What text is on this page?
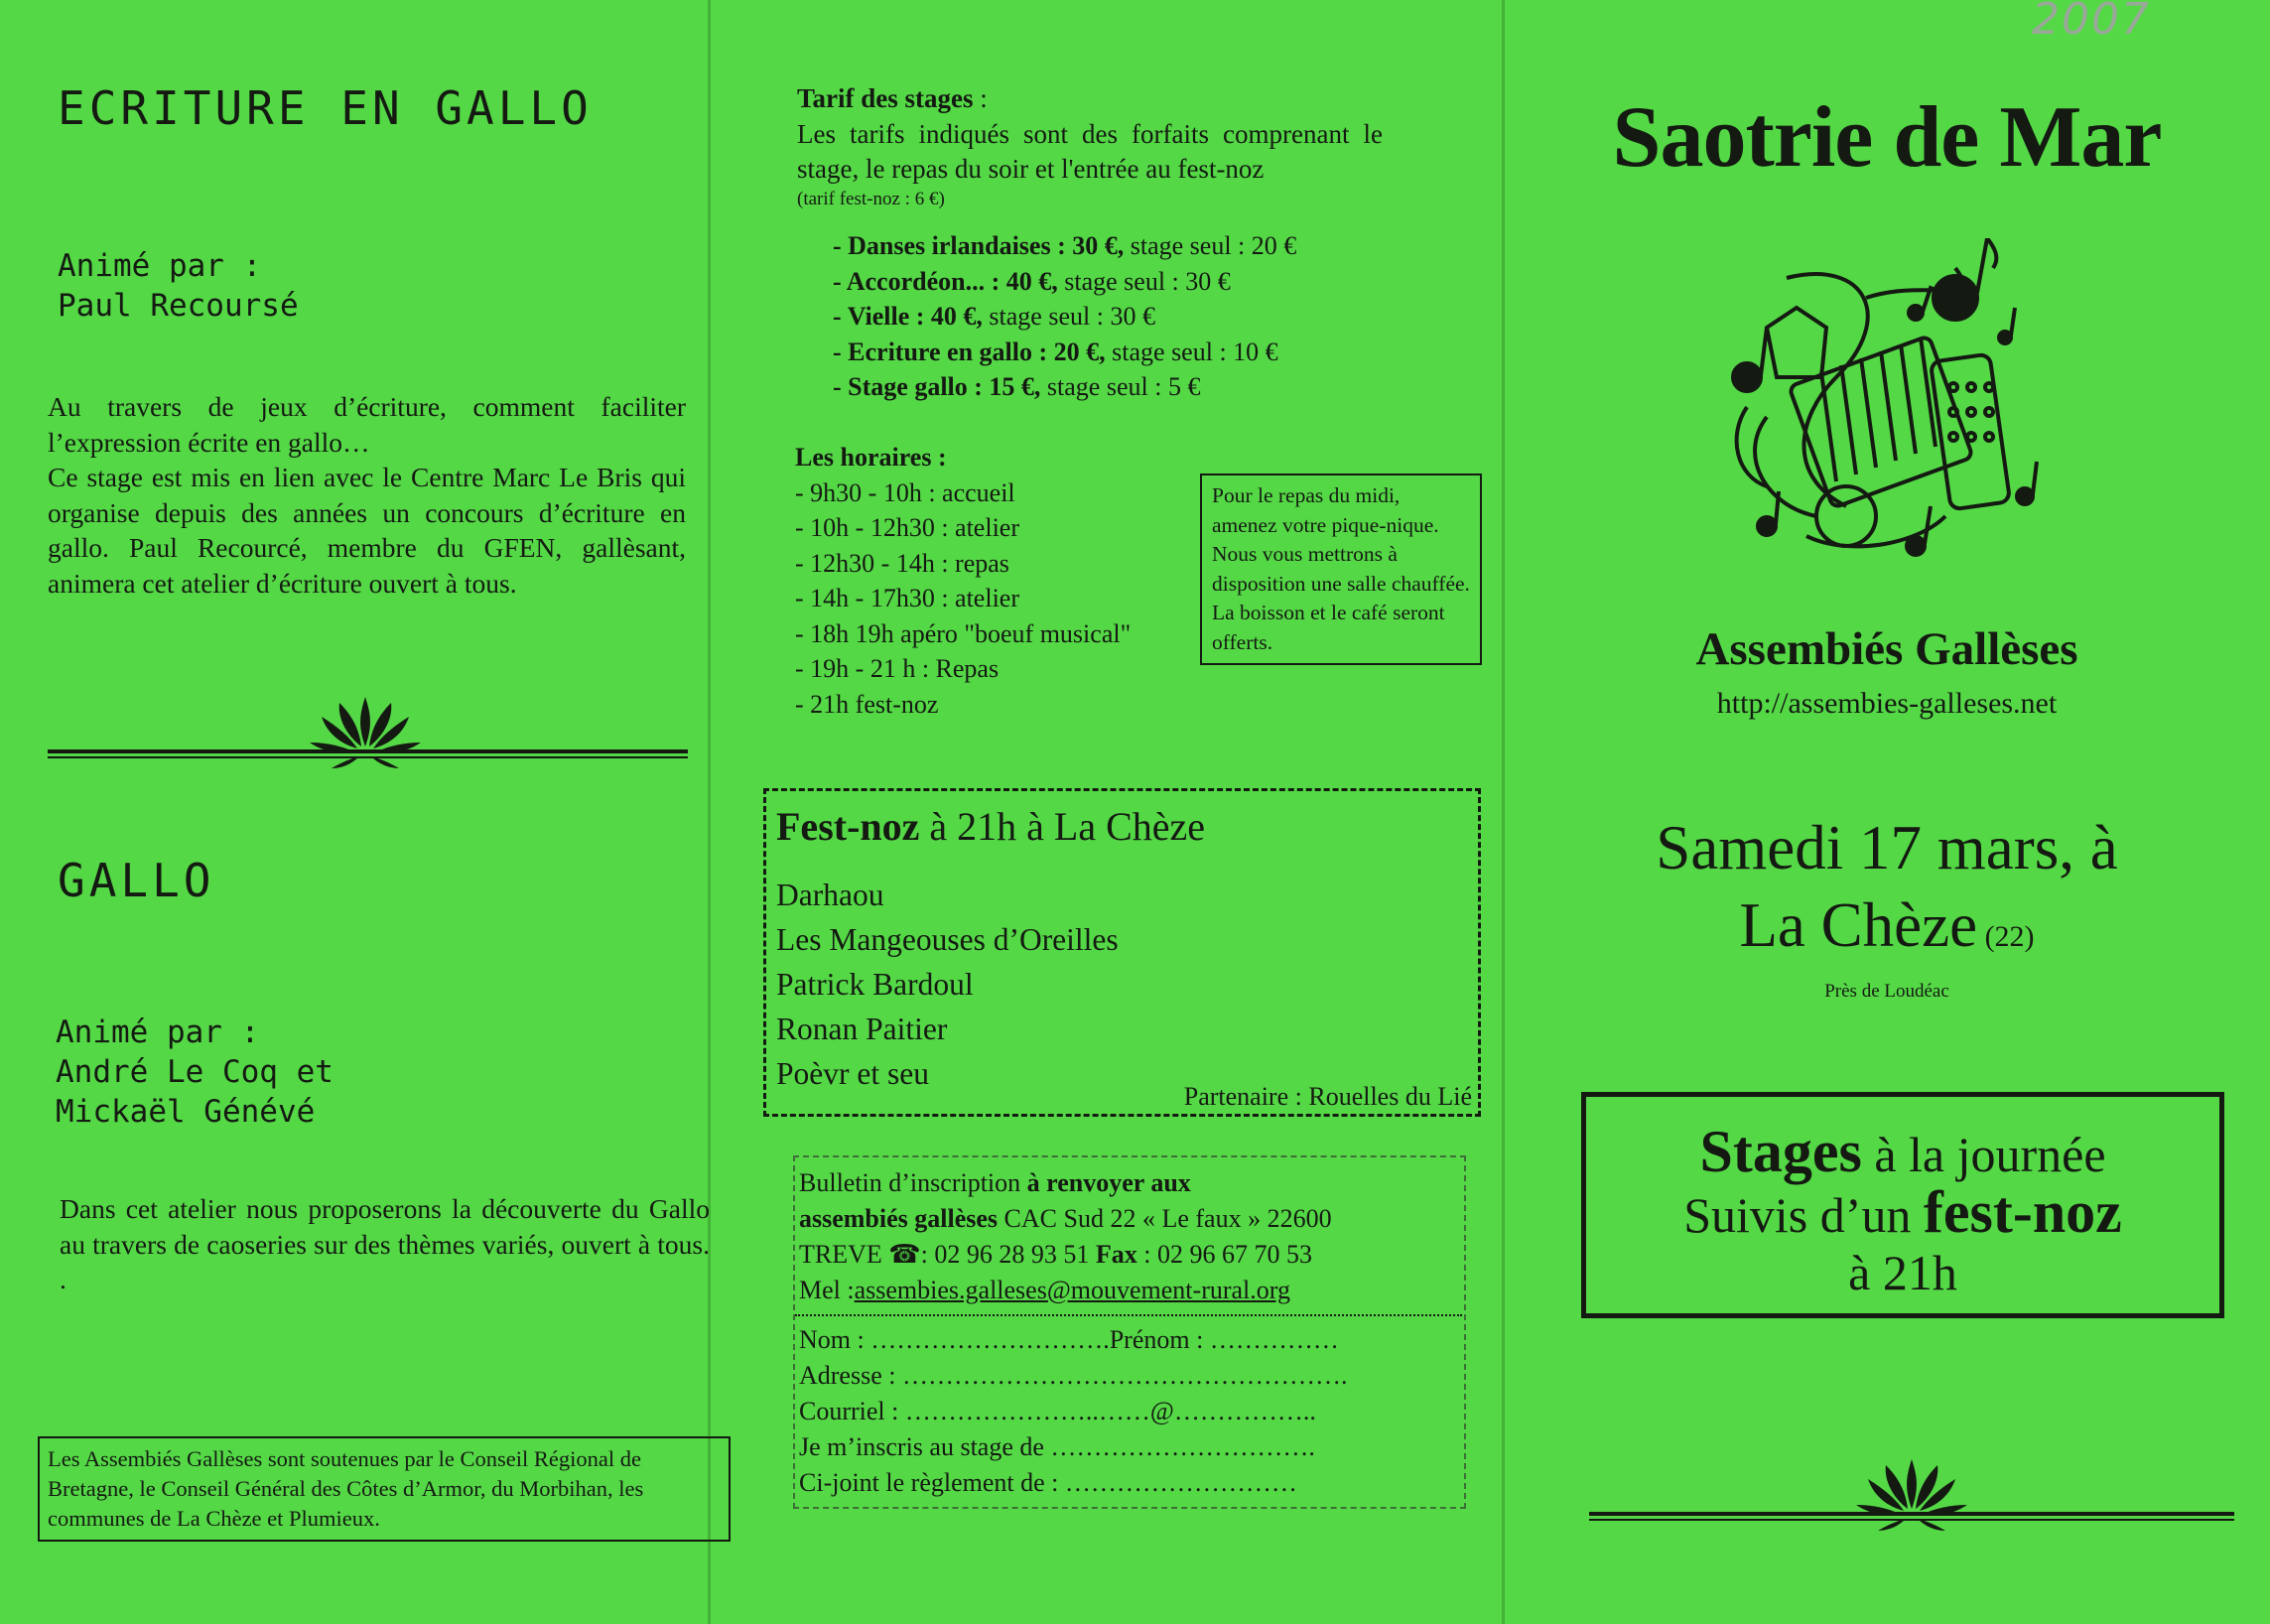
ECRITURE EN GALLO
Animé par :
Paul Recoursé

Au travers de jeux d’écriture, comment faciliter l’expression écrite en gallo…

Ce stage est mis en lien avec le Centre Marc Le Bris qui organise depuis des années un concours d’écriture en gallo. Paul Recourcé, membre du GFEN, gallèsant, animera cet atelier d’écriture ouvert à tous.

GALLO
Animé par :
André Le Coq et
Mickaël Génévé

Dans cet atelier nous proposerons la découverte du Gallo au travers de caoseries sur des thèmes variés, ouvert à tous. .

Les Assembiés Gallèses sont soutenues par le Conseil Régional de Bretagne, le Conseil Général des Côtes d’Armor, du Morbihan, les communes de La Chèze et Plumieux.
Tarif des stages :

Les tarifs indiqués sont des forfaits comprenant le stage, le repas du soir et l'entrée au fest-noz

(tarif fest-noz : 6 €)

- Danses irlandaises : 30 €, stage seul : 20 €
- Accordéon... : 40 €, stage seul : 30 €
- Vielle : 40 €, stage seul : 30 €
- Ecriture en gallo : 20 €, stage seul : 10 €
- Stage gallo : 15 €, stage seul : 5 €
Les horaires :
- 9h30 - 10h : accueil
- 10h - 12h30 : atelier
- 12h30 - 14h : repas
- 14h - 17h30 : atelier
- 18h 19h apéro "boeuf musical"
- 19h - 21 h : Repas
- 21h fest-noz
Pour le repas du midi, amenez votre pique-nique. Nous vous mettrons à disposition une salle chauffée. La boisson et le café seront offerts.
Fest-noz à 21h à La Chèze
Darhaou
Les Mangeouses d’Oreilles
Patrick Bardoul
Ronan Paitier
Poèvr et seu
Partenaire : Rouelles du Lié
Bulletin d’inscription à renvoyer aux
assembiés gallèses CAC Sud 22 « Le faux » 22600
TREVE ☎: 02 96 28 93 51 Fax : 02 96 67 70 53
Mel :assembies.galleses@mouvement-rural.org
Nom : ……………………….Prénom : ……………
Adresse : …………………………………………….
Courriel : …………………..……@……………..
Je m’inscris au stage de ………………………….
Ci-joint le règlement de : ………………………
2007
Saotrie de Mar
Assembiés Gallèses
http://assembies-galleses.net
Samedi 17 mars, à
La Chèze (22)
Près de Loudéac
Stages à la journée
Suivis d’un fest-noz
à 21h
